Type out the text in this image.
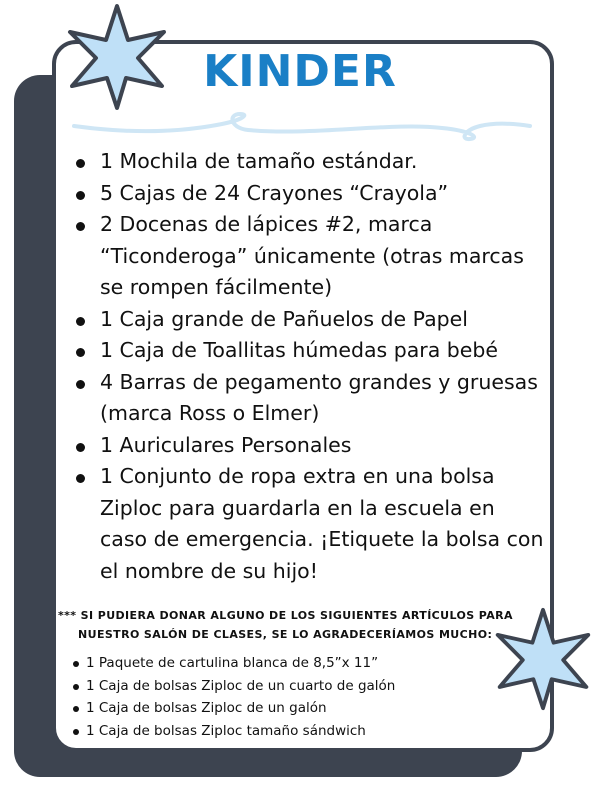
KINDER
1 Mochila de tamaño estándar.
5 Cajas de 24 Crayones “Crayola”
2 Docenas de lápices #2, marca “Ticonderoga” únicamente (otras marcas se rompen fácilmente)
1 Caja grande de Pañuelos de Papel
1 Caja de Toallitas húmedas para bebé
4 Barras de pegamento grandes y gruesas (marca Ross o Elmer)
1 Auriculares Personales
1 Conjunto de ropa extra en una bolsa Ziploc para guardarla en la escuela en caso de emergencia. ¡Etiquete la bolsa con el nombre de su hijo!
*** SI PUDIERA DONAR ALGUNO DE LOS SIGUIENTES ARTÍCULOS PARA
NUESTRO SALÓN DE CLASES, SE LO AGRADECERÍAMOS MUCHO:
1 Paquete de cartulina blanca de 8,5”x 11”
1 Caja de bolsas Ziploc de un cuarto de galón
1 Caja de bolsas Ziploc de un galón
1 Caja de bolsas Ziploc tamaño sándwich
